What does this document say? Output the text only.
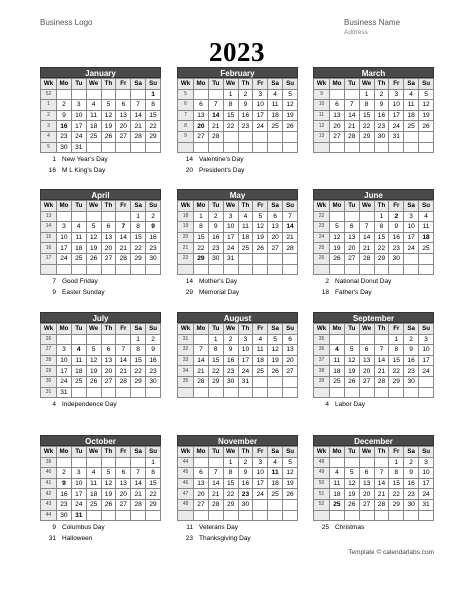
Business Logo	Business Name
Address
2023
January
Wk	Mo	Tu	We	Th	Fr	Sa	Su
52							1
1	2	3	4	5	6	7	8
2	9	10	11	12	13	14	15
3	16	17	18	19	20	21	22
4	23	24	25	26	27	28	29
5	30	31					
1 New Year's Day
16 M L King's Day
February
Wk	Mo	Tu	We	Th	Fr	Sa	Su
5			1	2	3	4	5
6	6	7	8	9	10	11	12
7	13	14	15	16	17	18	19
8	20	21	22	23	24	25	26
9	27	28					

14 Valentine's Day
20 President's Day
March
Wk	Mo	Tu	We	Th	Fr	Sa	Su
9			1	2	3	4	5
10	6	7	8	9	10	11	12
11	13	14	15	16	17	18	19
12	20	21	22	23	24	25	26
13	27	28	29	30	31		

April
Wk	Mo	Tu	We	Th	Fr	Sa	Su
13						1	2
14	3	4	5	6	7	8	9
15	10	11	12	13	14	15	16
16	17	18	19	20	21	22	23
17	24	25	26	27	28	29	30

7 Good Friday
9 Easter Sunday
May
Wk	Mo	Tu	We	Th	Fr	Sa	Su
18	1	2	3	4	5	6	7
19	8	9	10	11	12	13	14
20	15	16	17	18	19	20	21
21	22	23	24	25	26	27	28
22	29	30	31				

14 Mother's Day
29 Memorial Day
June
Wk	Mo	Tu	We	Th	Fr	Sa	Su
22				1	2	3	4
23	5	6	7	8	9	10	11
24	12	13	14	15	16	17	18
25	19	20	21	22	23	24	25
26	26	27	28	29	30		

2 National Donut Day
18 Father's Day
July
Wk	Mo	Tu	We	Th	Fr	Sa	Su
26						1	2
27	3	4	5	6	7	8	9
28	10	11	12	13	14	15	16
29	17	18	19	20	21	22	23
30	24	25	26	27	28	29	30
31	31						
4 Independence Day
August
Wk	Mo	Tu	We	Th	Fr	Sa	Su
31		1	2	3	4	5	6
32	7	8	9	10	11	12	13
33	14	15	16	17	18	19	20
34	21	22	23	24	25	26	27
35	28	29	30	31			

September
Wk	Mo	Tu	We	Th	Fr	Sa	Su
35					1	2	3
36	4	5	6	7	8	9	10
37	11	12	13	14	15	16	17
38	18	19	20	21	22	23	24
39	25	26	27	28	29	30	

4 Labor Day
October
Wk	Mo	Tu	We	Th	Fr	Sa	Su
39							1
40	2	3	4	5	6	7	8
41	9	10	11	12	13	14	15
42	16	17	18	19	20	21	22
43	23	24	25	26	27	28	29
44	30	31					
9 Columbus Day
31 Halloween
November
Wk	Mo	Tu	We	Th	Fr	Sa	Su
44			1	2	3	4	5
45	6	7	8	9	10	11	12
46	13	14	15	16	17	18	19
47	20	21	22	23	24	25	26
48	27	28	29	30			

11 Veterans Day
23 Thanksgiving Day
December
Wk	Mo	Tu	We	Th	Fr	Sa	Su
48					1	2	3
49	4	5	6	7	8	9	10
50	11	12	13	14	15	16	17
51	18	19	20	21	22	23	24
52	25	26	27	28	29	30	31

25 Christmas
Template © calendarlabs.com
